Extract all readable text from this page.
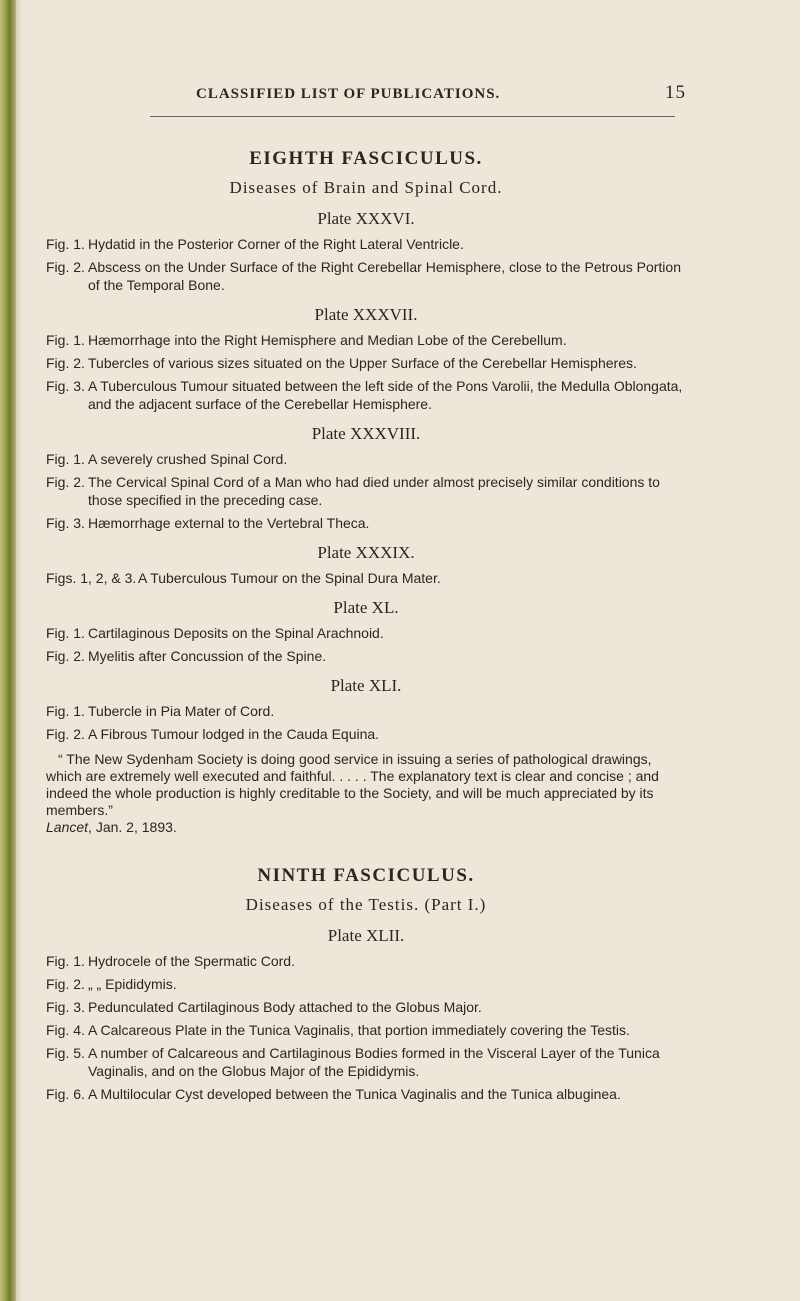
CLASSIFIED LIST OF PUBLICATIONS.	15
EIGHTH FASCICULUS.

Diseases of Brain and Spinal Cord.

Plate XXXVI.

Fig. 1. Hydatid in the Posterior Corner of the Right Lateral Ventricle.
Fig. 2. Abscess on the Under Surface of the Right Cerebellar Hemisphere, close to the Petrous Portion of the Temporal Bone.

Plate XXXVII.

Fig. 1. Hæmorrhage into the Right Hemisphere and Median Lobe of the Cerebellum.
Fig. 2. Tubercles of various sizes situated on the Upper Surface of the Cerebellar Hemispheres.
Fig. 3. A Tuberculous Tumour situated between the left side of the Pons Varolii, the Medulla Oblongata, and the adjacent surface of the Cerebellar Hemisphere.

Plate XXXVIII.

Fig. 1. A severely crushed Spinal Cord.
Fig. 2. The Cervical Spinal Cord of a Man who had died under almost precisely similar conditions to those specified in the preceding case.
Fig. 3. Hæmorrhage external to the Vertebral Theca.

Plate XXXIX.

Figs. 1, 2, & 3. A Tuberculous Tumour on the Spinal Dura Mater.

Plate XL.

Fig. 1. Cartilaginous Deposits on the Spinal Arachnoid.
Fig. 2. Myelitis after Concussion of the Spine.

Plate XLI.

Fig. 1. Tubercle in Pia Mater of Cord.
Fig. 2. A Fibrous Tumour lodged in the Cauda Equina.

“ The New Sydenham Society is doing good service in issuing a series of pathological drawings, which are extremely well executed and faithful. . . . . The explanatory text is clear and concise ; and indeed the whole production is highly creditable to the Society, and will be much appreciated by its members.”

Lancet, Jan. 2, 1893.

NINTH FASCICULUS.

Diseases of the Testis. (Part I.)

Plate XLII.

Fig. 1. Hydrocele of the Spermatic Cord.
Fig. 2. „ „ Epididymis.
Fig. 3. Pedunculated Cartilaginous Body attached to the Globus Major.
Fig. 4. A Calcareous Plate in the Tunica Vaginalis, that portion immediately covering the Testis.
Fig. 5. A number of Calcareous and Cartilaginous Bodies formed in the Visceral Layer of the Tunica Vaginalis, and on the Globus Major of the Epididymis.
Fig. 6. A Multilocular Cyst developed between the Tunica Vaginalis and the Tunica albuginea.
